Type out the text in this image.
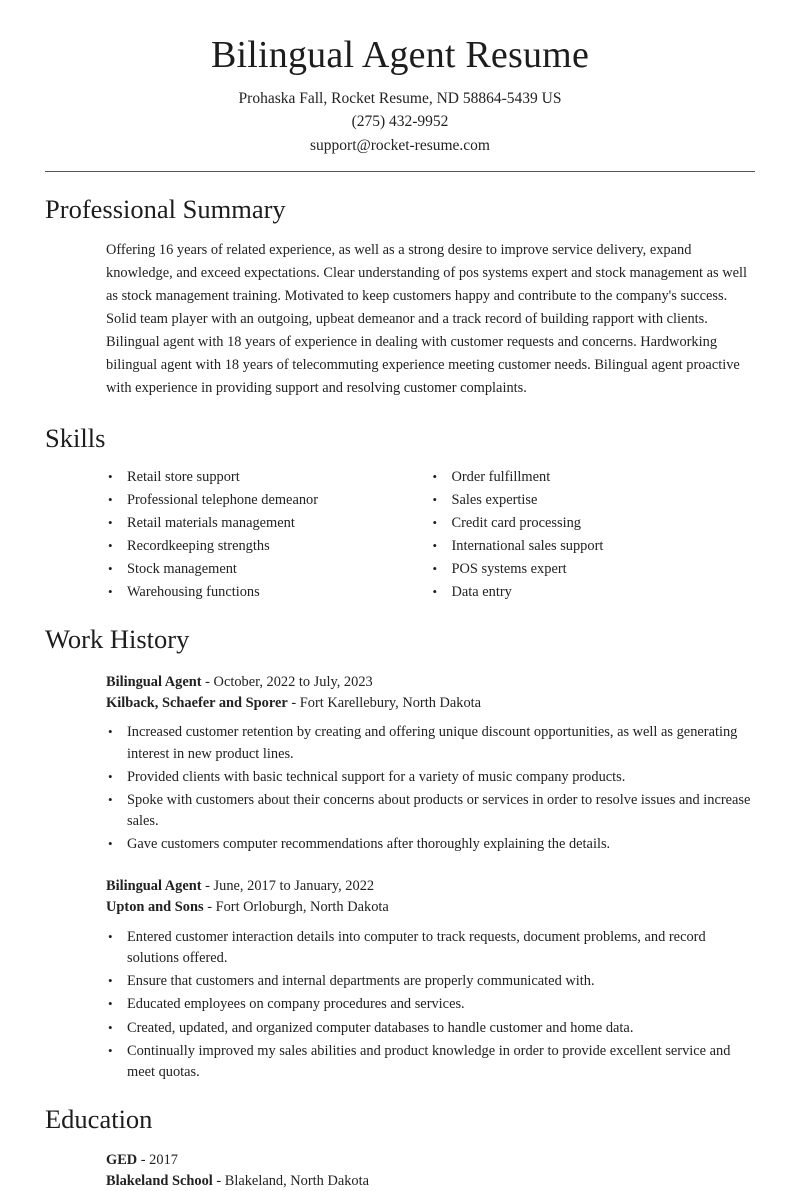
Bilingual Agent Resume
Prohaska Fall, Rocket Resume, ND 58864-5439 US
(275) 432-9952
support@rocket-resume.com
Professional Summary

Offering 16 years of related experience, as well as a strong desire to improve service delivery, expand knowledge, and exceed expectations. Clear understanding of pos systems expert and stock management as well as stock management training. Motivated to keep customers happy and contribute to the company's success. Solid team player with an outgoing, upbeat demeanor and a track record of building rapport with clients. Bilingual agent with 18 years of experience in dealing with customer requests and concerns. Hardworking bilingual agent with 18 years of telecommuting experience meeting customer needs. Bilingual agent proactive with experience in providing support and resolving customer complaints.

Skills
• Retail store support
• Professional telephone demeanor
• Retail materials management
• Recordkeeping strengths
• Stock management
• Warehousing functions
• Order fulfillment
• Sales expertise
• Credit card processing
• International sales support
• POS systems expert
• Data entry
Work History
Bilingual Agent - October, 2022 to July, 2023
Kilback, Schaefer and Sporer - Fort Karellebury, North Dakota
• Increased customer retention by creating and offering unique discount opportunities, as well as generating interest in new product lines.
• Provided clients with basic technical support for a variety of music company products.
• Spoke with customers about their concerns about products or services in order to resolve issues and increase sales.
• Gave customers computer recommendations after thoroughly explaining the details.
Bilingual Agent - June, 2017 to January, 2022
Upton and Sons - Fort Orloburgh, North Dakota
• Entered customer interaction details into computer to track requests, document problems, and record solutions offered.
• Ensure that customers and internal departments are properly communicated with.
• Educated employees on company procedures and services.
• Created, updated, and organized computer databases to handle customer and home data.
• Continually improved my sales abilities and product knowledge in order to provide excellent service and meet quotas.
Education
GED - 2017
Blakeland School - Blakeland, North Dakota
